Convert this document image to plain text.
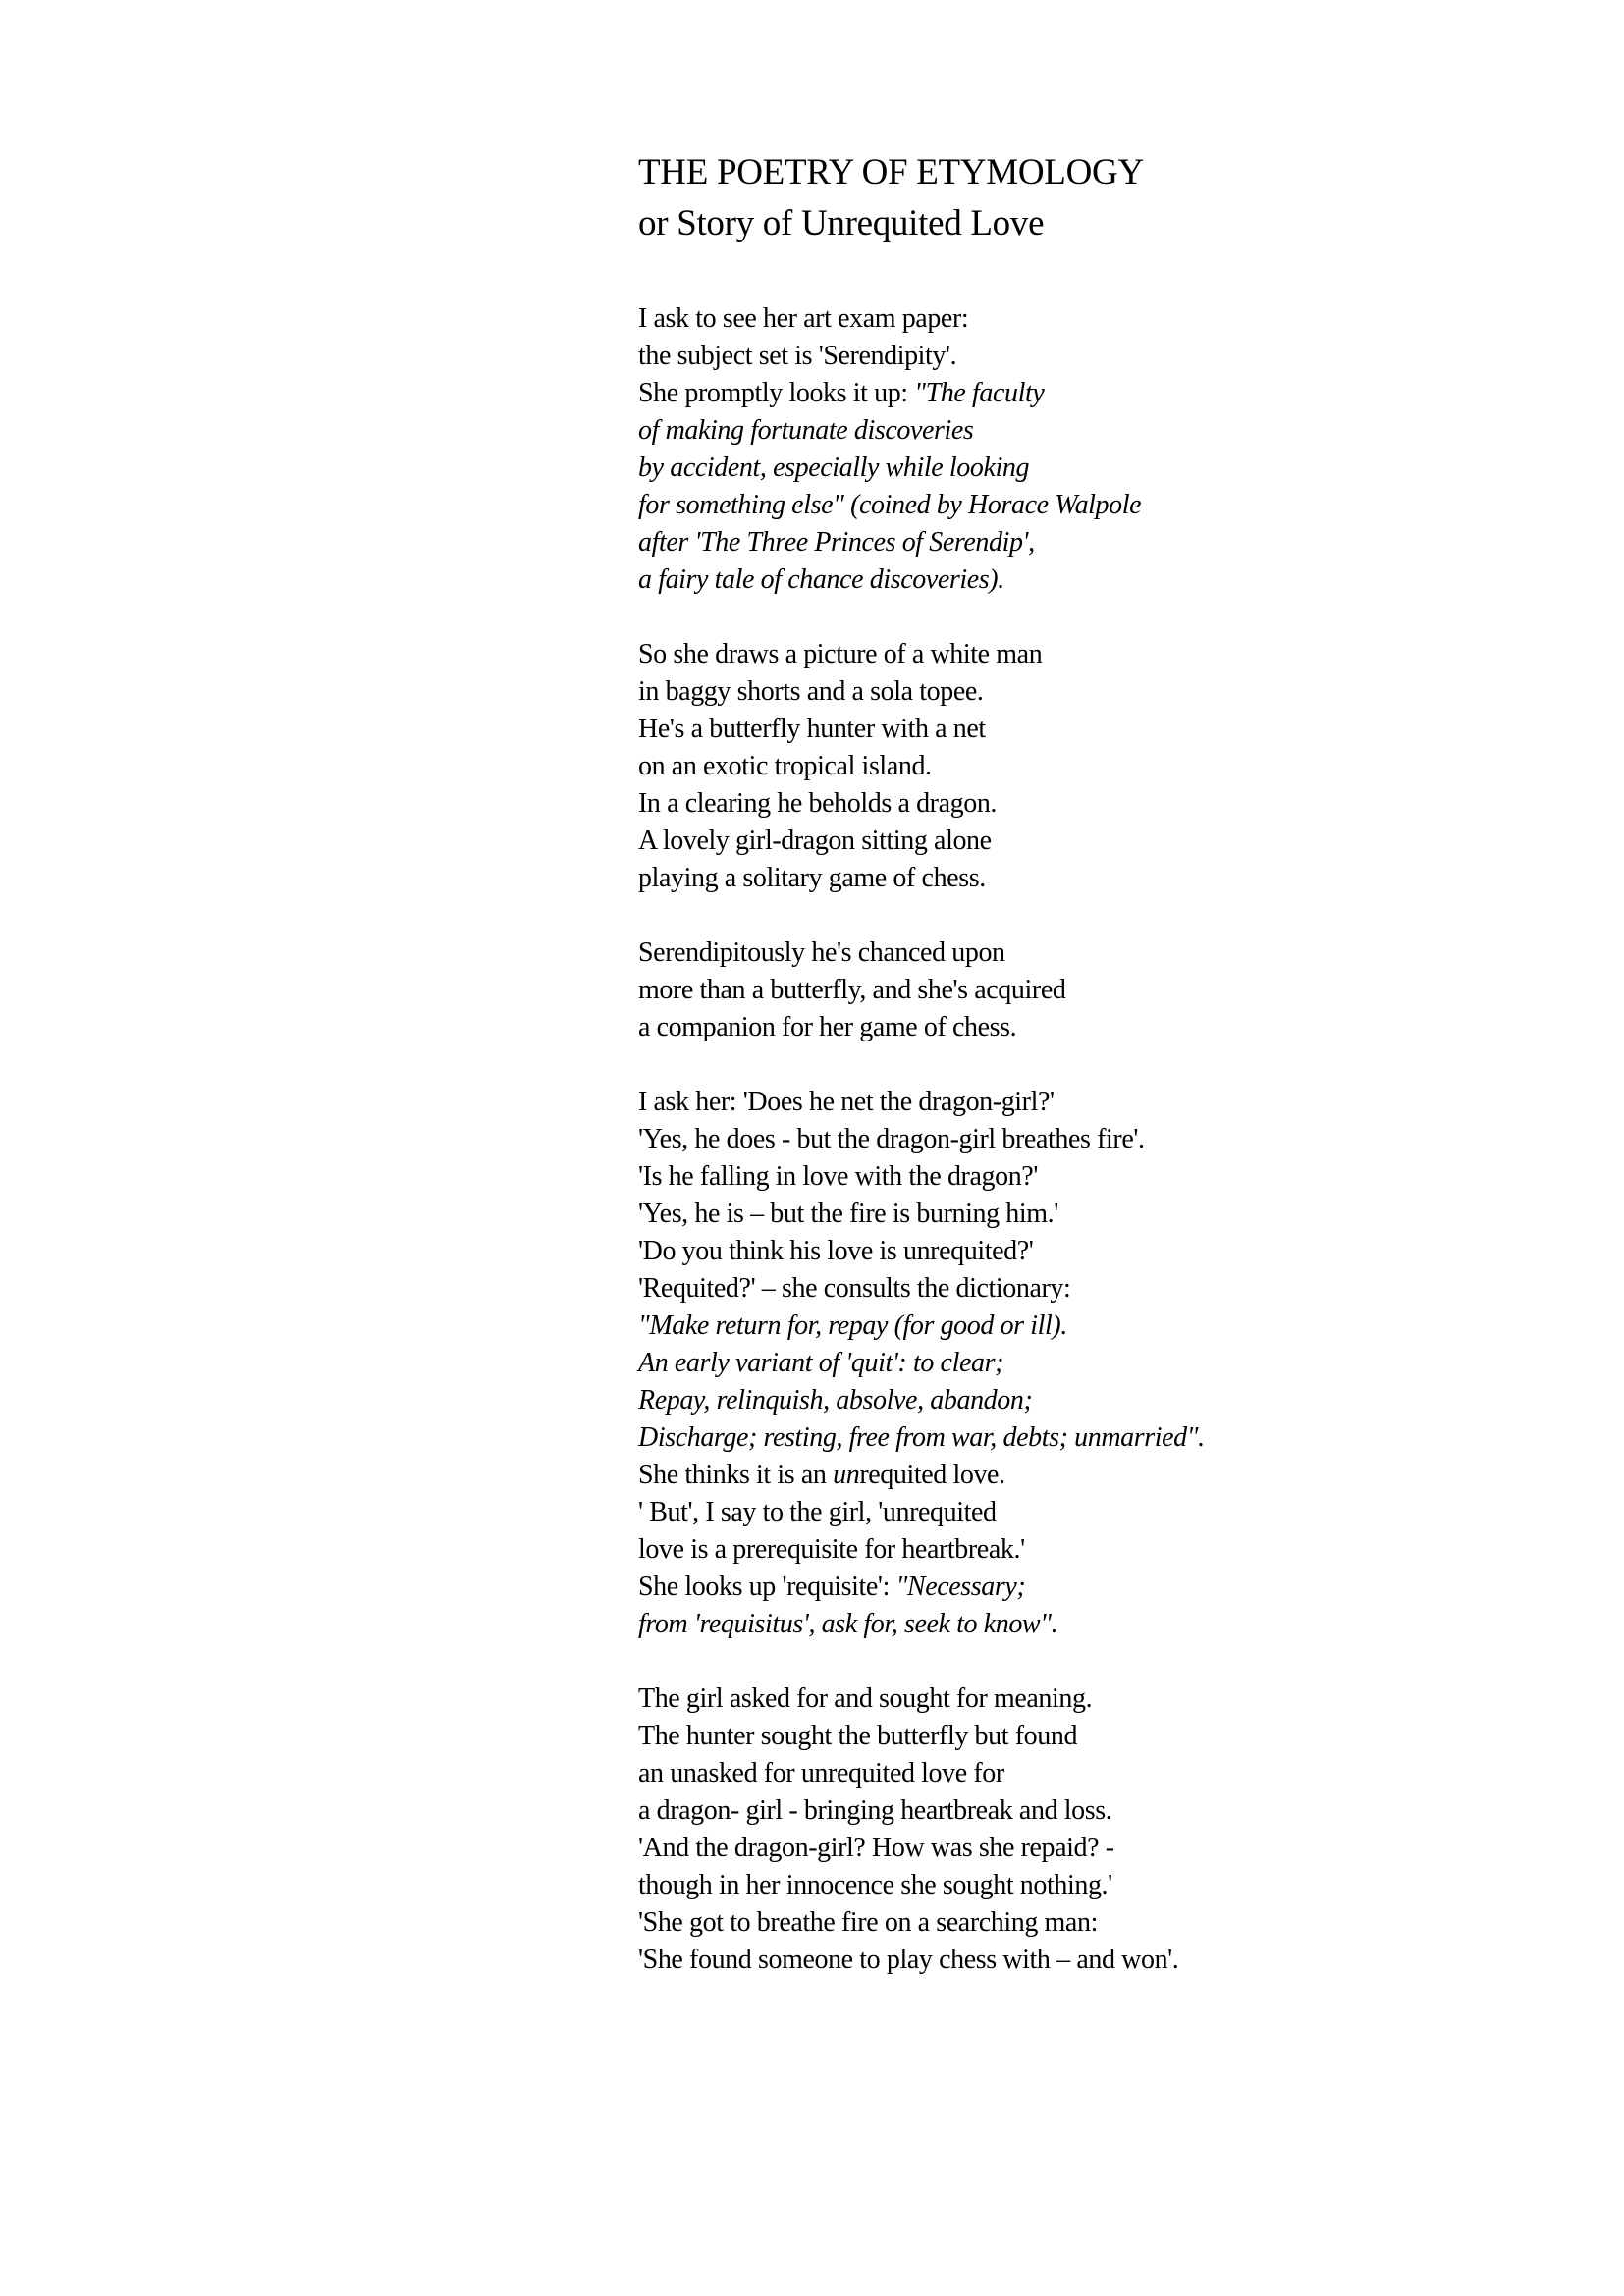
THE POETRY OF ETYMOLOGY
or Story of Unrequited Love
I ask to see her art exam paper:
the subject set is 'Serendipity'.
She promptly looks it up: "The faculty
of making fortunate discoveries
by accident, especially while looking
for something else" (coined by Horace Walpole
after 'The Three Princes of Serendip',
a fairy tale of chance discoveries).
So she draws a picture of a white man
in baggy shorts and a sola topee.
He's a butterfly hunter with a net
on an exotic tropical island.
In a clearing he beholds a dragon.
A lovely girl-dragon sitting alone
playing a solitary game of chess.
Serendipitously he's chanced upon
more than a butterfly, and she's acquired
a companion for her game of chess.
I ask her: 'Does he net the dragon-girl?'
'Yes, he does - but the dragon-girl breathes fire'.
'Is he falling in love with the dragon?'
'Yes, he is – but the fire is burning him.'
'Do you think his love is unrequited?'
'Requited?' – she consults the dictionary:
"Make return for, repay (for good or ill).
An early variant of 'quit': to clear;
Repay, relinquish, absolve, abandon;
Discharge; resting, free from war, debts; unmarried".
She thinks it is an unrequited love.
' But', I say to the girl, 'unrequited
love is a prerequisite for heartbreak.'
She looks up 'requisite': "Necessary;
from 'requisitus', ask for, seek to know".
The girl asked for and sought for meaning.
The hunter sought the butterfly but found
an unasked for unrequited love for
a dragon- girl - bringing heartbreak and loss.
'And the dragon-girl? How was she repaid? -
though in her innocence she sought nothing.'
'She got to breathe fire on a searching man:
'She found someone to play chess with – and won'.
